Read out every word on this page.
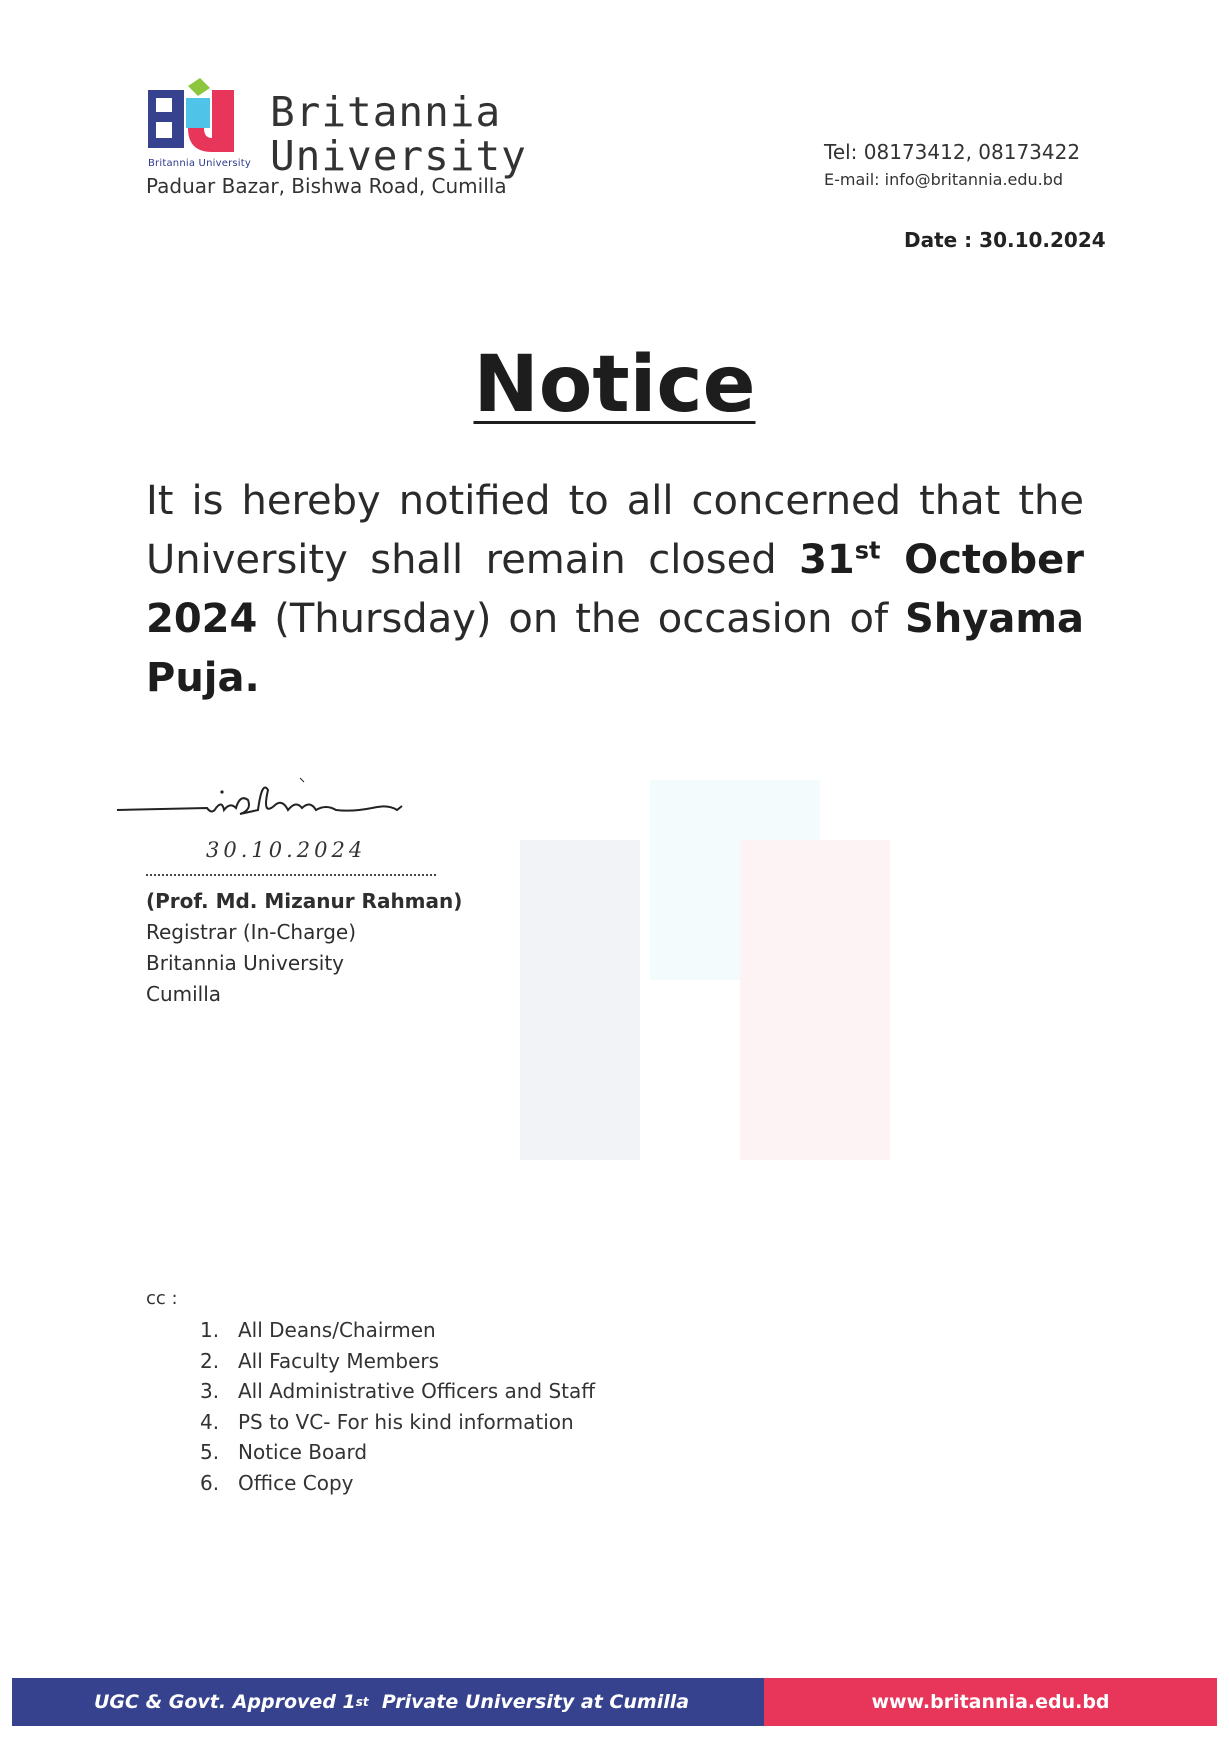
Britannia University
Britannia
University
Paduar Bazar, Bishwa Road, Cumilla
Tel: 08173412, 08173422
E-mail: info@britannia.edu.bd
Date : 30.10.2024
Notice
It is hereby notified to all concerned that the University shall remain closed 31st October 2024 (Thursday) on the occasion of Shyama Puja.
30.10.2024
(Prof. Md. Mizanur Rahman)
Registrar (In-Charge)
Britannia University
Cumilla
cc :
1. All Deans/Chairmen
2. All Faculty Members
3. All Administrative Officers and Staff
4. PS to VC- For his kind information
5. Notice Board
6. Office Copy
UGC & Govt. Approved 1 st Private University at Cumilla	www.britannia.edu.bd
